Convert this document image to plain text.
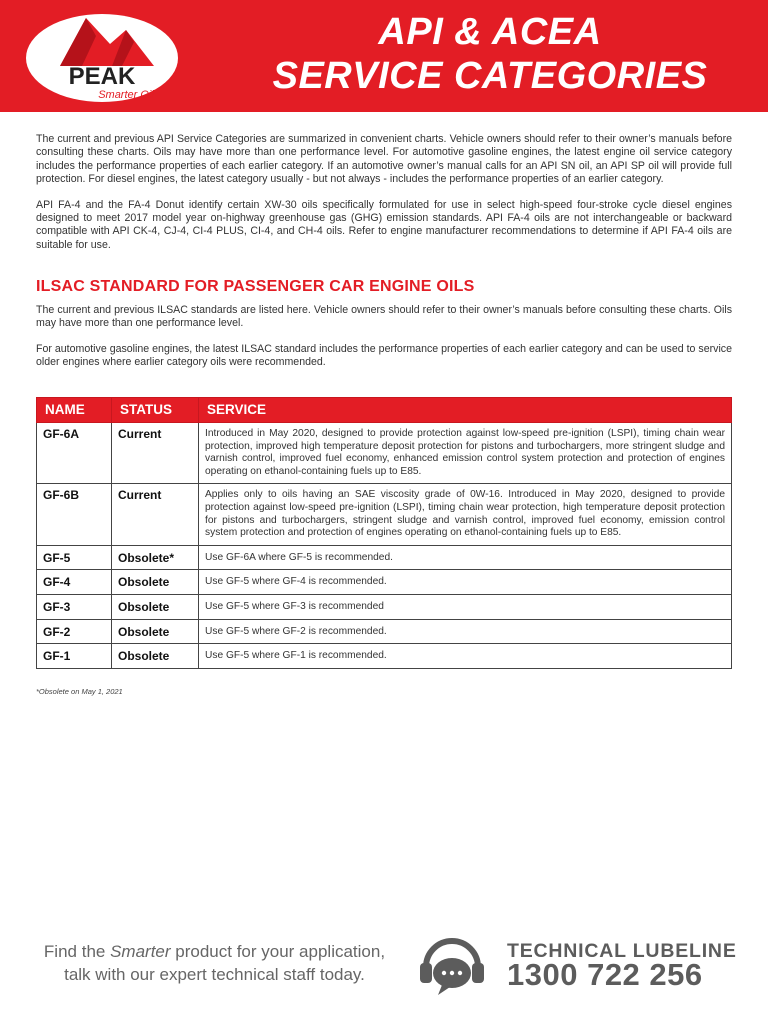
PEAK
Smarter Oil
API & ACEA
SERVICE CATEGORIES

The current and previous API Service Categories are summarized in convenient charts. Vehicle owners should refer to their owner’s manuals before consulting these charts. Oils may have more than one performance level. For automotive gasoline engines, the latest engine oil service category includes the performance properties of each earlier category. If an automotive owner’s manual calls for an API SN oil, an API SP oil will provide full protection. For diesel engines, the latest category usually - but not always - includes the performance properties of an earlier category.

API FA-4 and the FA-4 Donut identify certain XW-30 oils specifically formulated for use in select high-speed four-stroke cycle diesel engines designed to meet 2017 model year on-highway greenhouse gas (GHG) emission standards. API FA-4 oils are not interchangeable or backward compatible with API CK-4, CJ-4, CI-4 PLUS, CI-4, and CH-4 oils. Refer to engine manufacturer recommendations to determine if API FA-4 oils are suitable for use.

ILSAC STANDARD FOR PASSENGER CAR ENGINE OILS

The current and previous ILSAC standards are listed here. Vehicle owners should refer to their owner’s manuals before consulting these charts. Oils may have more than one performance level.

For automotive gasoline engines, the latest ILSAC standard includes the performance properties of each earlier category and can be used to service older engines where earlier category oils were recommended.

NAME	STATUS	SERVICE
GF-6A	Current	Introduced in May 2020, designed to provide protection against low-speed pre-ignition (LSPI), timing chain wear protection, improved high temperature deposit protection for pistons and turbochargers, more stringent sludge and varnish control, improved fuel economy, enhanced emission control system protection and protection of engines operating on ethanol-containing fuels up to E85.
GF-6B	Current	Applies only to oils having an SAE viscosity grade of 0W-16. Introduced in May 2020, designed to provide protection against low-speed pre-ignition (LSPI), timing chain wear protection, high temperature deposit protection for pistons and turbochargers, stringent sludge and varnish control, improved fuel economy, emission control system protection and protection of engines operating on ethanol-containing fuels up to E85.
GF-5	Obsolete*	Use GF-6A where GF-5 is recommended.
GF-4	Obsolete	Use GF-5 where GF-4 is recommended.
GF-3	Obsolete	Use GF-5 where GF-3 is recommended
GF-2	Obsolete	Use GF-5 where GF-2 is recommended.
GF-1	Obsolete	Use GF-5 where GF-1 is recommended.
*Obsolete on May 1, 2021
Find the Smarter product for your application,
talk with our expert technical staff today.
TECHNICAL LUBELINE
1300 722 256
